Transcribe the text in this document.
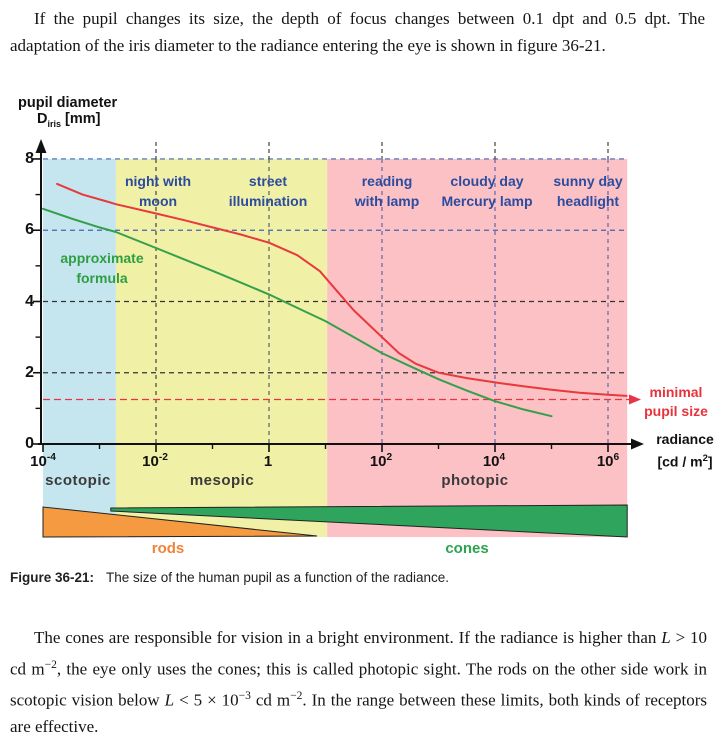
If the pupil changes its size, the depth of focus changes between 0.1 dpt and 0.5 dpt. The adaptation of the iris diameter to the radiance entering the eye is shown in figure 36-21.
pupil diameter
$D_{iris}$ [mm]
night with
moon
street
illumination
reading
with lamp
cloudy day
Mercury lamp
sunny day
headlight
approximate
formula
minimal
pupil size
radiance
$[cd / m^2]$
8
6
4
2
0
$10^{-4}$	$10^{-2}$	1	$10^2$	$10^4$	$10^6$
scotopic	mesopic	photopic
rods	cones
Figure 36-21: The size of the human pupil as a function of the radiance.
The cones are responsible for vision in a bright environment. If the radiance is higher than L > 10 cd $m^{-2}$, the eye only uses the cones; this is called photopic sight. The rods on the other side work in scotopic vision below $L < 5 \times 10^{-3}$ cd $m^{-2}$. In the range between these limits, both kinds of receptors are effective.
